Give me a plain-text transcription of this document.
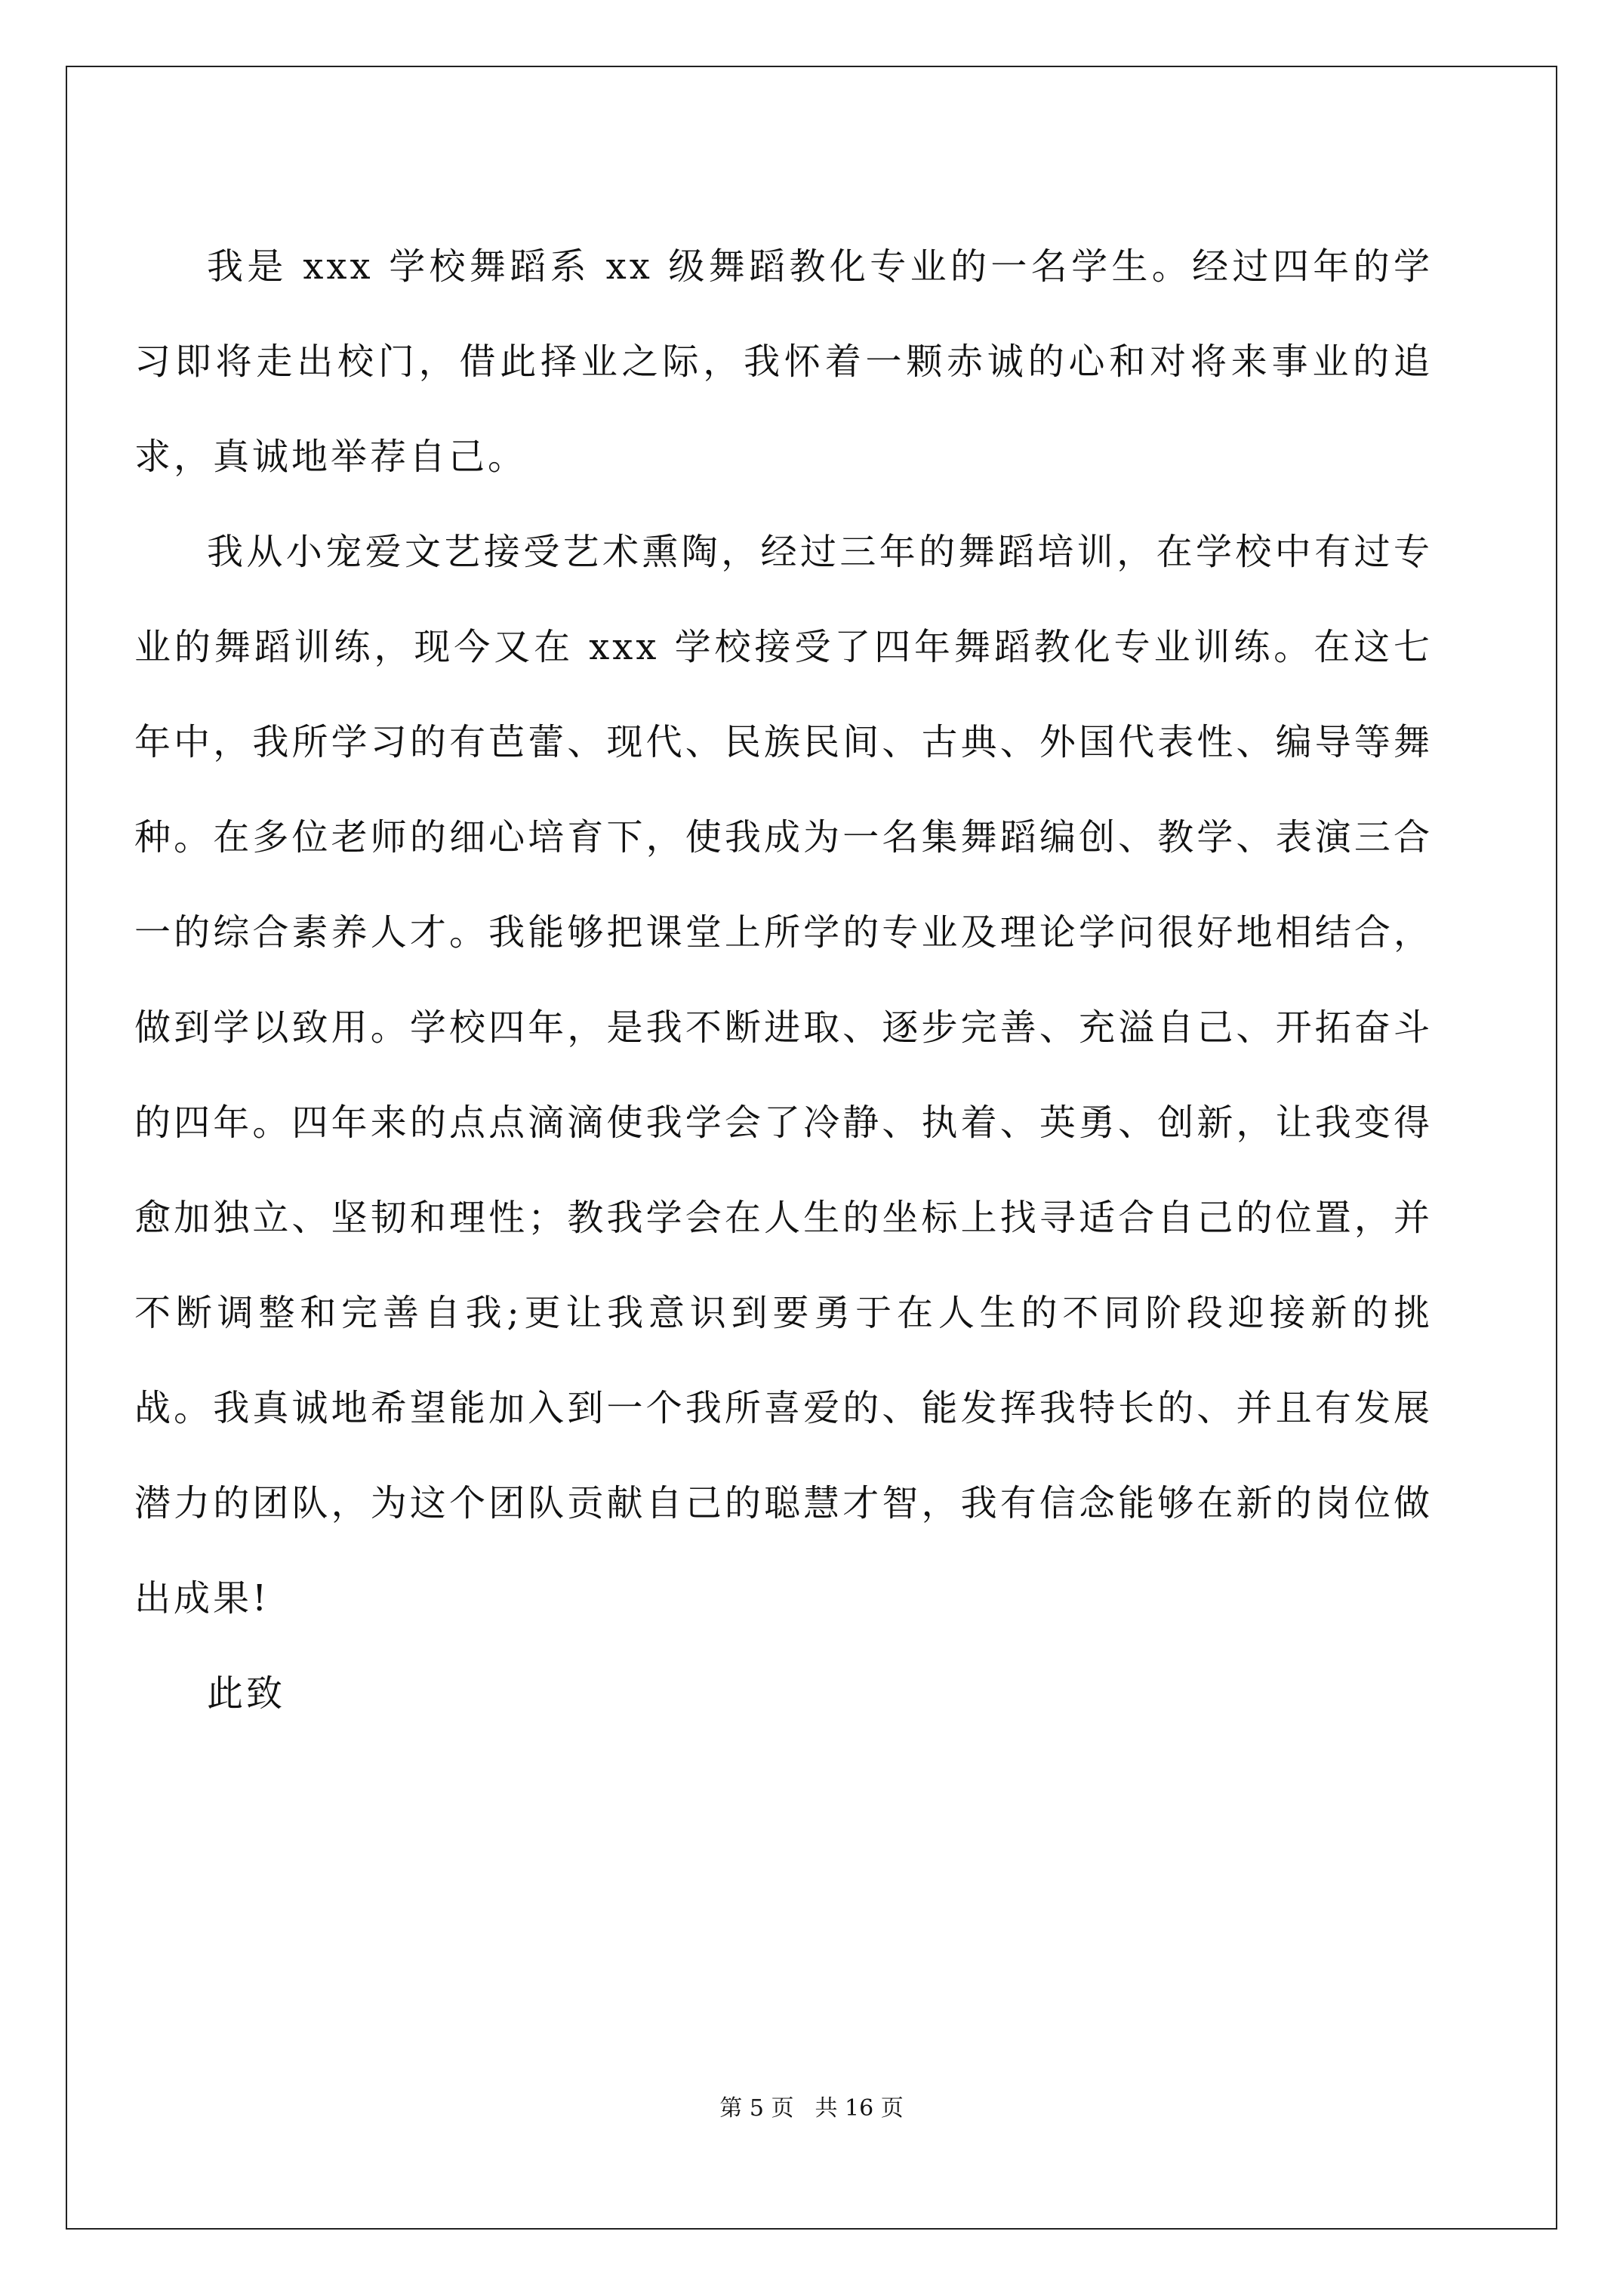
我是 xxx 学校舞蹈系 xx 级舞蹈教化专业的一名学生。经过四年的学习即将走出校门，借此择业之际，我怀着一颗赤诚的心和对将来事业的追求，真诚地举荐自己。

我从小宠爱文艺接受艺术熏陶，经过三年的舞蹈培训，在学校中有过专业的舞蹈训练，现今又在 xxx 学校接受了四年舞蹈教化专业训练。在这七年中，我所学习的有芭蕾、现代、民族民间、古典、外国代表性、编导等舞种。在多位老师的细心培育下，使我成为一名集舞蹈编创、教学、表演三合一的综合素养人才。我能够把课堂上所学的专业及理论学问很好地相结合，做到学以致用。学校四年，是我不断进取、逐步完善、充溢自己、开拓奋斗的四年。四年来的点点滴滴使我学会了冷静、执着、英勇、创新，让我变得愈加独立、坚韧和理性；教我学会在人生的坐标上找寻适合自己的位置，并不断调整和完善自我;更让我意识到要勇于在人生的不同阶段迎接新的挑战。我真诚地希望能加入到一个我所喜爱的、能发挥我特长的、并且有发展潜力的团队，为这个团队贡献自己的聪慧才智，我有信念能够在新的岗位做出成果!

此致

第 5 页 共 16 页
